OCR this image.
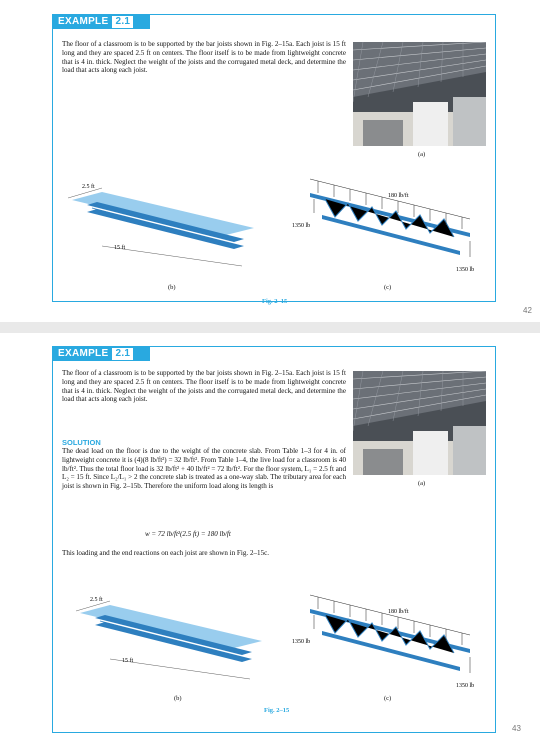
EXAMPLE 2.1
The floor of a classroom is to be supported by the bar joists shown in Fig. 2–15a. Each joist is 15 ft long and they are spaced 2.5 ft on centers. The floor itself is to be made from lightweight concrete that is 4 in. thick. Neglect the weight of the joists and the corrugated metal deck, and determine the load that acts along each joist.
(a)
2.5 ft
15 ft
(b)
180 lb/ft
1350 lb
1350 lb
(c)
Fig. 2–15
42
EXAMPLE 2.1
The floor of a classroom is to be supported by the bar joists shown in Fig. 2–15a. Each joist is 15 ft long and they are spaced 2.5 ft on centers. The floor itself is to be made from lightweight concrete that is 4 in. thick. Neglect the weight of the joists and the corrugated metal deck, and determine the load that acts along each joist.
SOLUTION
The dead load on the floor is due to the weight of the concrete slab. From Table 1–3 for 4 in. of lightweight concrete it is (4)(8 lb/ft²) = 32 lb/ft². From Table 1–4, the live load for a classroom is 40 lb/ft². Thus the total floor load is 32 lb/ft² + 40 lb/ft² = 72 lb/ft². For the floor system, L₁ = 2.5 ft and L₂ = 15 ft. Since L₂/L₁ > 2 the concrete slab is treated as a one-way slab. The tributary area for each joist is shown in Fig. 2–15b. Therefore the uniform load along its length is
w = 72 lb/ft²(2.5 ft) = 180 lb/ft
This loading and the end reactions on each joist are shown in Fig. 2–15c.
(a)
2.5 ft
15 ft
(b)
180 lb/ft
1350 lb
1350 lb
(c)
Fig. 2–15
43
